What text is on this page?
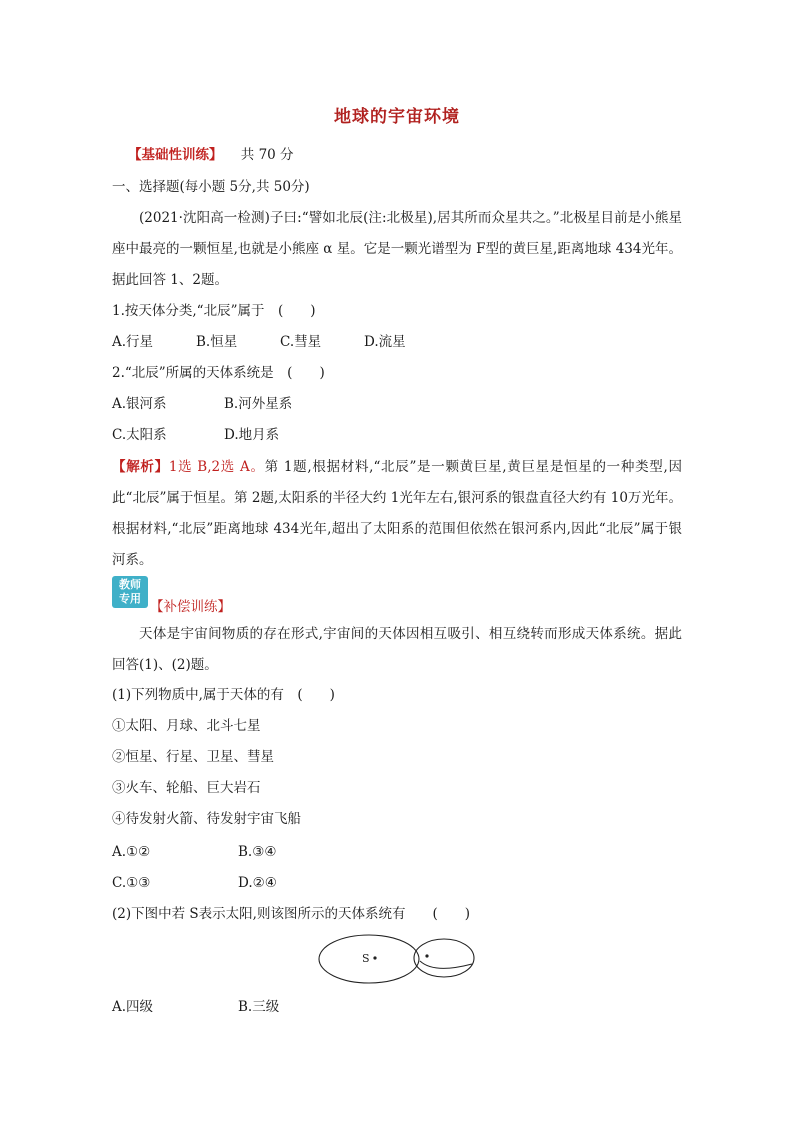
地球的宇宙环境
【基础性训练】 共 70 分
一、选择题(每小题 5分,共 50分)
(2021·沈阳高一检测)子曰:“譬如北辰(注:北极星),居其所而众星共之。”北极星目前是小熊星座中最亮的一颗恒星,也就是小熊座 α 星。它是一颗光谱型为 F型的黄巨星,距离地球 434光年。据此回答 1、2题。
1.按天体分类,“北辰”属于　(　　)
A.行星	B.恒星	C.彗星	D.流星
2.“北辰”所属的天体系统是　(　　)
A.银河系	B.河外星系
C.太阳系	D.地月系
【解析】1选 B,2选 A。第 1题,根据材料,“北辰”是一颗黄巨星,黄巨星是恒星的一种类型,因此“北辰”属于恒星。第 2题,太阳系的半径大约 1光年左右,银河系的银盘直径大约有 10万光年。根据材料,“北辰”距离地球 434光年,超出了太阳系的范围但依然在银河系内,因此“北辰”属于银河系。
教师
专用
【补偿训练】
天体是宇宙间物质的存在形式,宇宙间的天体因相互吸引、相互绕转而形成天体系统。据此回答(1)、(2)题。
(1)下列物质中,属于天体的有　(　　)
①太阳、月球、北斗七星
②恒星、行星、卫星、彗星
③火车、轮船、巨大岩石
④待发射火箭、待发射宇宙飞船
A.①②	B.③④
C.①③	D.②④
(2)下图中若 S表示太阳,则该图所示的天体系统有　　(　　)
S
A.四级	B.三级
